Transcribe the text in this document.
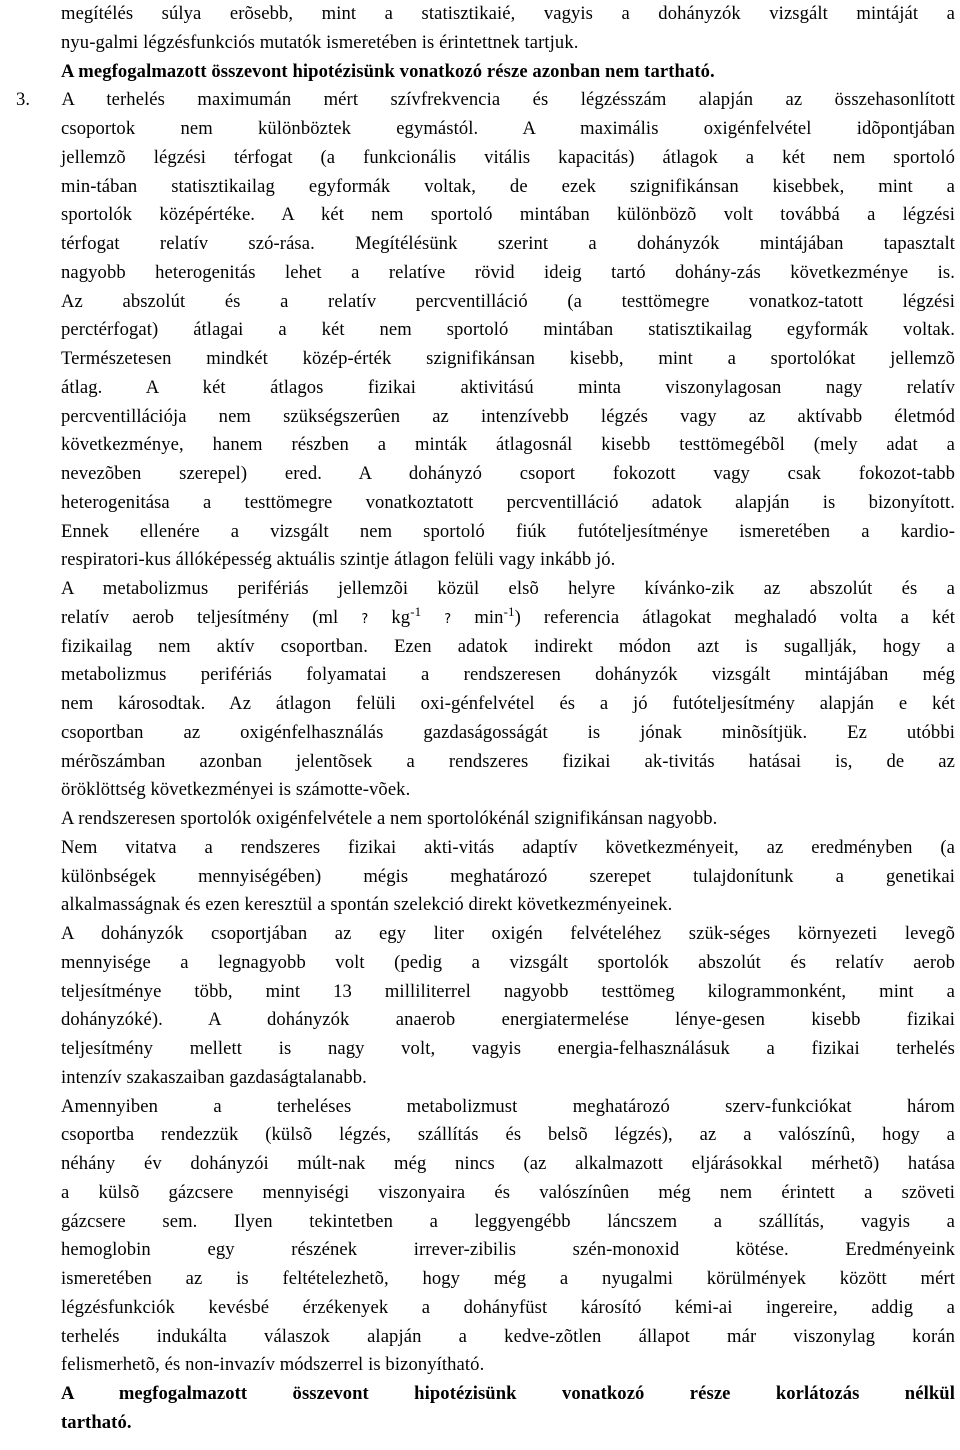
megítélés súlya erõsebb, mint a statisztikaié, vagyis a dohányzók vizsgált mintáját a
nyu-galmi légzésfunkciós mutatók ismeretében is érintettnek tartjuk.
A megfogalmazott összevont hipotézisünk vonatkozó része azonban nem tartható.
3. A terhelés maximumán mért szívfrekvencia és légzésszám alapján az összehasonlított
csoportok nem különböztek egymástól. A maximális oxigénfelvétel idõpontjában
jellemzõ légzési térfogat (a funkcionális vitális kapacitás) átlagok a két nem sportoló
min-tában statisztikailag egyformák voltak, de ezek szignifikánsan kisebbek, mint a
sportolók középértéke. A két nem sportoló mintában különbözõ volt továbbá a légzési
térfogat relatív szó-rása. Megítélésünk szerint a dohányzók mintájában tapasztalt
nagyobb heterogenitás lehet a relatíve rövid ideig tartó dohány-zás következménye is.
Az abszolút és a relatív percventilláció (a testtömegre vonatkoz-tatott légzési
perctérfogat) átlagai a két nem sportoló mintában statisztikailag egyformák voltak.
Természetesen mindkét közép-érték szignifikánsan kisebb, mint a sportolókat jellemzõ
átlag. A két átlagos fizikai aktivitású minta viszonylagosan nagy relatív
percventillációja nem szükségszerûen az intenzívebb légzés vagy az aktívabb életmód
következménye, hanem részben a minták átlagosnál kisebb testtömegébõl (mely adat a
nevezõben szerepel) ered. A dohányzó csoport fokozott vagy csak fokozot-tabb
heterogenitása a testtömegre vonatkoztatott percventilláció adatok alapján is bizonyított.
Ennek ellenére a vizsgált nem sportoló fiúk futóteljesítménye ismeretében a kardio-
respiratori-kus állóképesség aktuális szintje átlagon felüli vagy inkább jó.
A metabolizmus perifériás jellemzõi közül elsõ helyre kívánko-zik az abszolút és a
relatív aerob teljesítmény (ml ? $kg^{-1}$ ? $\min^{-1}$) referencia átlagokat meghaladó volta a két
fizikailag nem aktív csoportban. Ezen adatok indirekt módon azt is sugallják, hogy a
metabolizmus perifériás folyamatai a rendszeresen dohányzók vizsgált mintájában még
nem károsodtak. Az átlagon felüli oxi-génfelvétel és a jó futóteljesítmény alapján e két
csoportban az oxigénfelhasználás gazdaságosságát is jónak minõsítjük. Ez utóbbi
mérõszámban azonban jelentõsek a rendszeres fizikai ak-tivitás hatásai is, de az
öröklöttség következményei is számotte-võek.
A rendszeresen sportolók oxigénfelvétele a nem sportolókénál szignifikánsan nagyobb.
Nem vitatva a rendszeres fizikai akti-vitás adaptív következményeit, az eredményben (a
különbségek mennyiségében) mégis meghatározó szerepet tulajdonítunk a genetikai
alkalmasságnak és ezen keresztül a spontán szelekció direkt következményeinek.
A dohányzók csoportjában az egy liter oxigén felvételéhez szük-séges környezeti levegõ
mennyisége a legnagyobb volt (pedig a vizsgált sportolók abszolút és relatív aerob
teljesítménye több, mint 13 milliliterrel nagyobb testtömeg kilogrammonként, mint a
dohányzóké). A dohányzók anaerob energiatermelése lénye-gesen kisebb fizikai
teljesítmény mellett is nagy volt, vagyis energia-felhasználásuk a fizikai terhelés
intenzív szakaszaiban gazdaságtalanabb.
Amennyiben a terheléses metabolizmust meghatározó szerv-funkciókat három
csoportba rendezzük (külsõ légzés, szállítás és belsõ légzés), az a valószínû, hogy a
néhány év dohányzói múlt-nak még nincs (az alkalmazott eljárásokkal mérhetõ) hatása
a külsõ gázcsere mennyiségi viszonyaira és valószínûen még nem érintett a szöveti
gázcsere sem. Ilyen tekintetben a leggyengébb láncszem a szállítás, vagyis a
hemoglobin egy részének irrever-zibilis szén-monoxid kötése. Eredményeink
ismeretében az is feltételezhetõ, hogy még a nyugalmi körülmények között mért
légzésfunkciók kevésbé érzékenyek a dohányfüst károsító kémi-ai ingereire, addig a
terhelés indukálta válaszok alapján a kedve-zõtlen állapot már viszonylag korán
felismerhetõ, és non-invazív módszerrel is bizonyítható.
A megfogalmazott összevont hipotézisünk vonatkozó része korlátozás nélkül
tartható.
